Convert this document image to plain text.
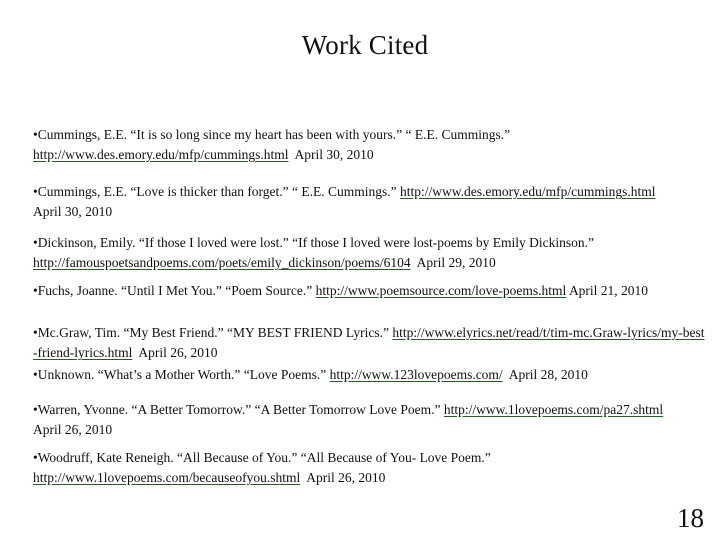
Work Cited
•Cummings, E.E. “It is so long since my heart has been with yours.” “ E.E. Cummings.”
http://www.des.emory.edu/mfp/cummings.html April 30, 2010
•Cummings, E.E. “Love is thicker than forget.” “ E.E. Cummings.” http://www.des.emory.edu/mfp/cummings.html
April 30, 2010
•Dickinson, Emily. “If those I loved were lost.” “If those I loved were lost-poems by Emily Dickinson.”
http://famouspoetsandpoems.com/poets/emily_dickinson/poems/6104 April 29, 2010
•Fuchs, Joanne. “Until I Met You.” “Poem Source.” http://www.poemsource.com/love-poems.html April 21, 2010
•Mc.Graw, Tim. “My Best Friend.” “MY BEST FRIEND Lyrics.” http://www.elyrics.net/read/t/tim-mc.Graw-lyrics/my-best-friend-lyrics.html April 26, 2010
•Unknown. “What’s a Mother Worth.” “Love Poems.” http://www.123lovepoems.com/ April 28, 2010
•Warren, Yvonne. “A Better Tomorrow.” “A Better Tomorrow Love Poem.” http://www.1lovepoems.com/pa27.shtml
April 26, 2010
•Woodruff, Kate Reneigh. “All Because of You.” “All Because of You- Love Poem.”
http://www.1lovepoems.com/becauseofyou.shtml April 26, 2010
18
